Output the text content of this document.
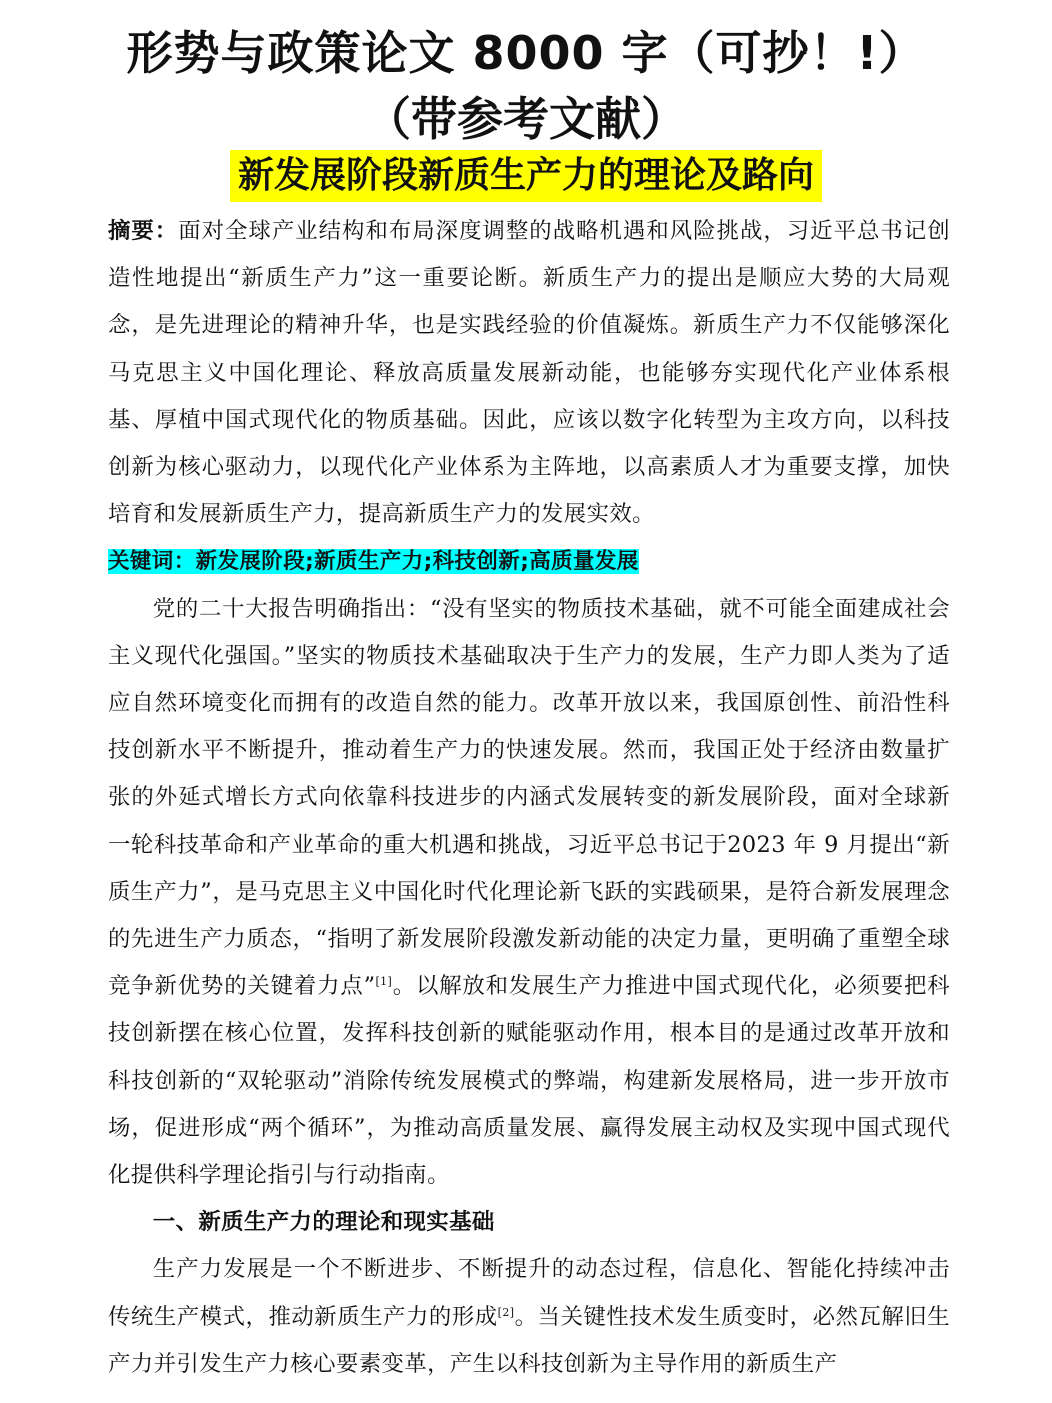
形势与政策论文 8000 字（可抄！!）
（带参考文献）
新发展阶段新质生产力的理论及路向

摘要：面对全球产业结构和布局深度调整的战略机遇和风险挑战，习近平总书记创造性地提出“新质生产力”这一重要论断。新质生产力的提出是顺应大势的大局观念，是先进理论的精神升华，也是实践经验的价值凝炼。新质生产力不仅能够深化马克思主义中国化理论、释放高质量发展新动能，也能够夯实现代化产业体系根基、厚植中国式现代化的物质基础。因此，应该以数字化转型为主攻方向，以科技创新为核心驱动力，以现代化产业体系为主阵地，以高素质人才为重要支撑，加快培育和发展新质生产力，提高新质生产力的发展实效。

关键词：新发展阶段;新质生产力;科技创新;高质量发展

党的二十大报告明确指出：“没有坚实的物质技术基础，就不可能全面建成社会主义现代化强国。”坚实的物质技术基础取决于生产力的发展，生产力即人类为了适应自然环境变化而拥有的改造自然的能力。改革开放以来，我国原创性、前沿性科技创新水平不断提升，推动着生产力的快速发展。然而，我国正处于经济由数量扩张的外延式增长方式向依靠科技进步的内涵式发展转变的新发展阶段，面对全球新一轮科技革命和产业革命的重大机遇和挑战，习近平总书记于2023 年 9 月提出“新质生产力”，是马克思主义中国化时代化理论新飞跃的实践硕果，是符合新发展理念的先进生产力质态，“指明了新发展阶段激发新动能的决定力量，更明确了重塑全球竞争新优势的关键着力点”[1]。以解放和发展生产力推进中国式现代化，必须要把科技创新摆在核心位置，发挥科技创新的赋能驱动作用，根本目的是通过改革开放和科技创新的“双轮驱动”消除传统发展模式的弊端，构建新发展格局，进一步开放市场，促进形成“两个循环”，为推动高质量发展、赢得发展主动权及实现中国式现代化提供科学理论指引与行动指南。

一、新质生产力的理论和现实基础

生产力发展是一个不断进步、不断提升的动态过程，信息化、智能化持续冲击传统生产模式，推动新质生产力的形成[2]。当关键性技术发生质变时，必然瓦解旧生产力并引发生产力核心要素变革，产生以科技创新为主导作用的新质生产
